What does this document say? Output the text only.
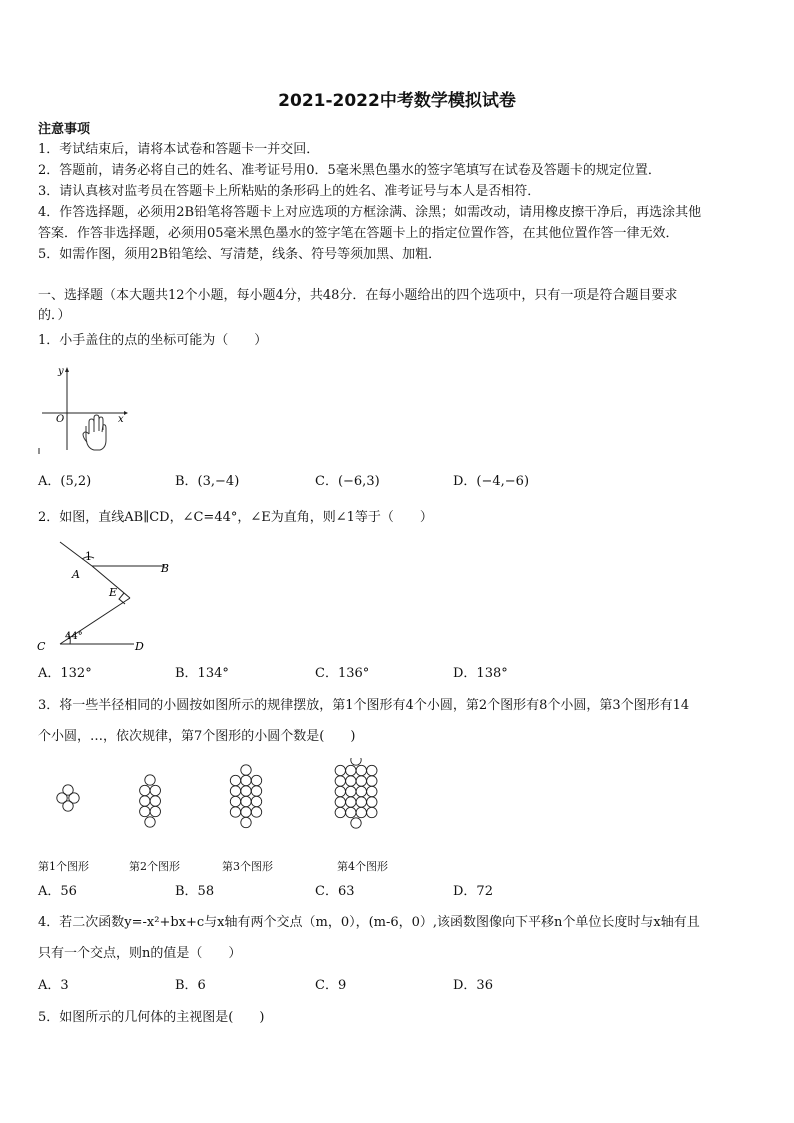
2021-2022中考数学模拟试卷
注意事项
1．考试结束后，请将本试卷和答题卡一并交回．
2．答题前，请务必将自己的姓名、准考证号用0．5毫米黑色墨水的签字笔填写在试卷及答题卡的规定位置．
3．请认真核对监考员在答题卡上所粘贴的条形码上的姓名、准考证号与本人是否相符．
4．作答选择题，必须用2B铅笔将答题卡上对应选项的方框涂满、涂黑；如需改动，请用橡皮擦干净后，再选涂其他
答案．作答非选择题，必须用05毫米黑色墨水的签字笔在答题卡上的指定位置作答，在其他位置作答一律无效．
5．如需作图，须用2B铅笔绘、写清楚，线条、符号等须加黑、加粗．
一、选择题（本大题共12个小题，每小题4分，共48分．在每小题给出的四个选项中，只有一项是符合题目要求
的．）
1．小手盖住的点的坐标可能为（　　）
y
x
O
A．(5,2)	B．(3,−4)	C．(−6,3)	D．(−4,−6)
2．如图，直线AB∥CD，∠C=44°，∠E为直角，则∠1等于（　　）
1
A	B
E
C	D
44°
A．132°	B．134°	C．136°	D．138°
3．将一些半径相同的小圆按如图所示的规律摆放，第1个图形有4个小圆，第2个图形有8个小圆，第3个图形有14
个小圆，…，依次规律，第7个图形的小圆个数是(　　)
第1个图形	第2个图形	第3个图形	第4个图形
A．56	B．58	C．63	D．72
4．若二次函数y=-x²+bx+c与x轴有两个交点（m，0），(m-6，0）,该函数图像向下平移n个单位长度时与x轴有且
只有一个交点，则n的值是（　　）
A．3	B．6	C．9	D．36
5．如图所示的几何体的主视图是(　　)
